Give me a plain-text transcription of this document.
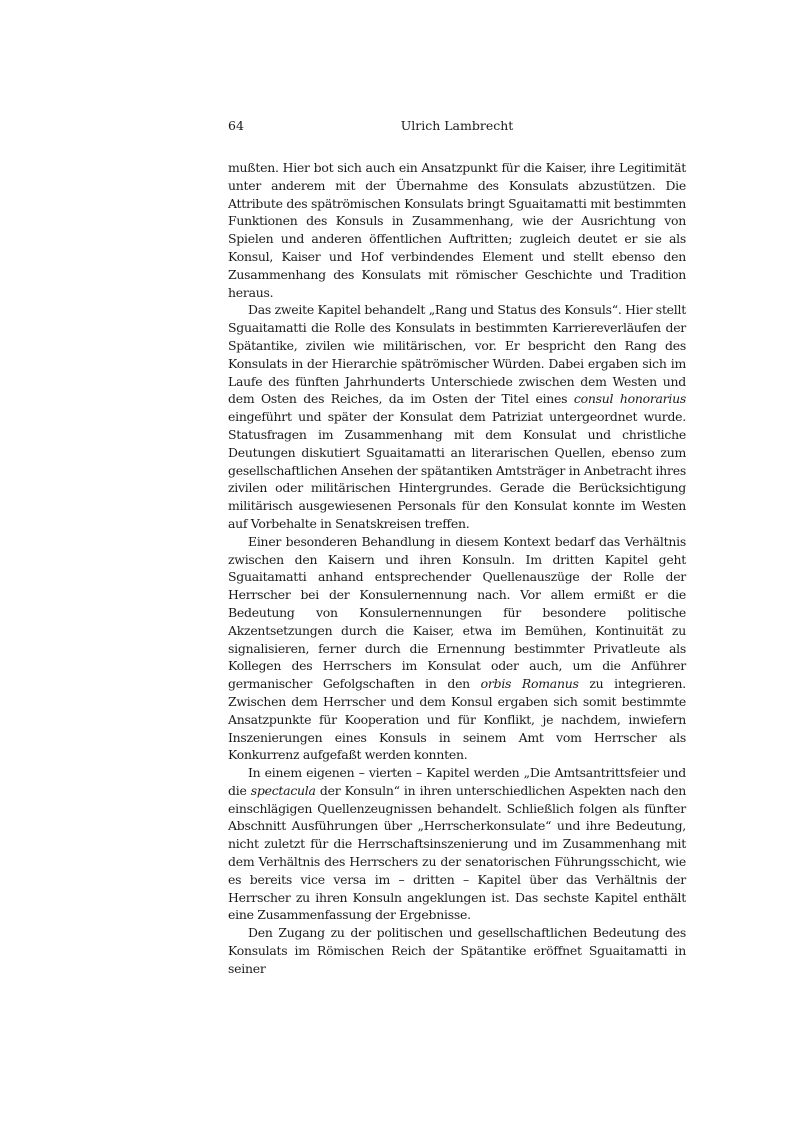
64	Ulrich Lambrecht

mußten. Hier bot sich auch ein Ansatzpunkt für die Kaiser, ihre Legitimität unter anderem mit der Übernahme des Konsulats abzustützen. Die Attribute des spätrömischen Konsulats bringt Sguaitamatti mit bestimmten Funktionen des Konsuls in Zusammenhang, wie der Ausrichtung von Spielen und anderen öffentlichen Auftritten; zugleich deutet er sie als Konsul, Kaiser und Hof verbindendes Element und stellt ebenso den Zusammenhang des Konsulats mit römischer Geschichte und Tradition heraus.

Das zweite Kapitel behandelt „Rang und Status des Konsuls“. Hier stellt Sguaitamatti die Rolle des Konsulats in bestimmten Karriereverläufen der Spätantike, zivilen wie militärischen, vor. Er bespricht den Rang des Konsulats in der Hierarchie spätrömischer Würden. Dabei ergaben sich im Laufe des fünften Jahrhunderts Unterschiede zwischen dem Westen und dem Osten des Reiches, da im Osten der Titel eines consul honorarius eingeführt und später der Konsulat dem Patriziat untergeordnet wurde. Statusfragen im Zusammenhang mit dem Konsulat und christliche Deutungen diskutiert Sguaitamatti an literarischen Quellen, ebenso zum gesellschaftlichen Ansehen der spätantiken Amtsträger in Anbetracht ihres zivilen oder militärischen Hintergrundes. Gerade die Berücksichtigung militärisch ausgewiesenen Personals für den Konsulat konnte im Westen auf Vorbehalte in Senatskreisen treffen.

Einer besonderen Behandlung in diesem Kontext bedarf das Verhältnis zwischen den Kaisern und ihren Konsuln. Im dritten Kapitel geht Sguaitamatti anhand entsprechender Quellenauszüge der Rolle der Herrscher bei der Konsulernennung nach. Vor allem ermißt er die Bedeutung von Konsulernennungen für besondere politische Akzentsetzungen durch die Kaiser, etwa im Bemühen, Kontinuität zu signalisieren, ferner durch die Ernennung bestimmter Privatleute als Kollegen des Herrschers im Konsulat oder auch, um die Anführer germanischer Gefolgschaften in den orbis Romanus zu integrieren. Zwischen dem Herrscher und dem Konsul ergaben sich somit bestimmte Ansatzpunkte für Kooperation und für Konflikt, je nachdem, inwiefern Inszenierungen eines Konsuls in seinem Amt vom Herrscher als Konkurrenz aufgefaßt werden konnten.

In einem eigenen – vierten – Kapitel werden „Die Amtsantrittsfeier und die spectacula der Konsuln“ in ihren unterschiedlichen Aspekten nach den einschlägigen Quellenzeugnissen behandelt. Schließlich folgen als fünfter Abschnitt Ausführungen über „Herrscherkonsulate“ und ihre Bedeutung, nicht zuletzt für die Herrschaftsinszenierung und im Zusammenhang mit dem Verhältnis des Herrschers zu der senatorischen Führungsschicht, wie es bereits vice versa im – dritten – Kapitel über das Verhältnis der Herrscher zu ihren Konsuln angeklungen ist. Das sechste Kapitel enthält eine Zusammenfassung der Ergebnisse.

Den Zugang zu der politischen und gesellschaftlichen Bedeutung des Konsulats im Römischen Reich der Spätantike eröffnet Sguaitamatti in seiner
